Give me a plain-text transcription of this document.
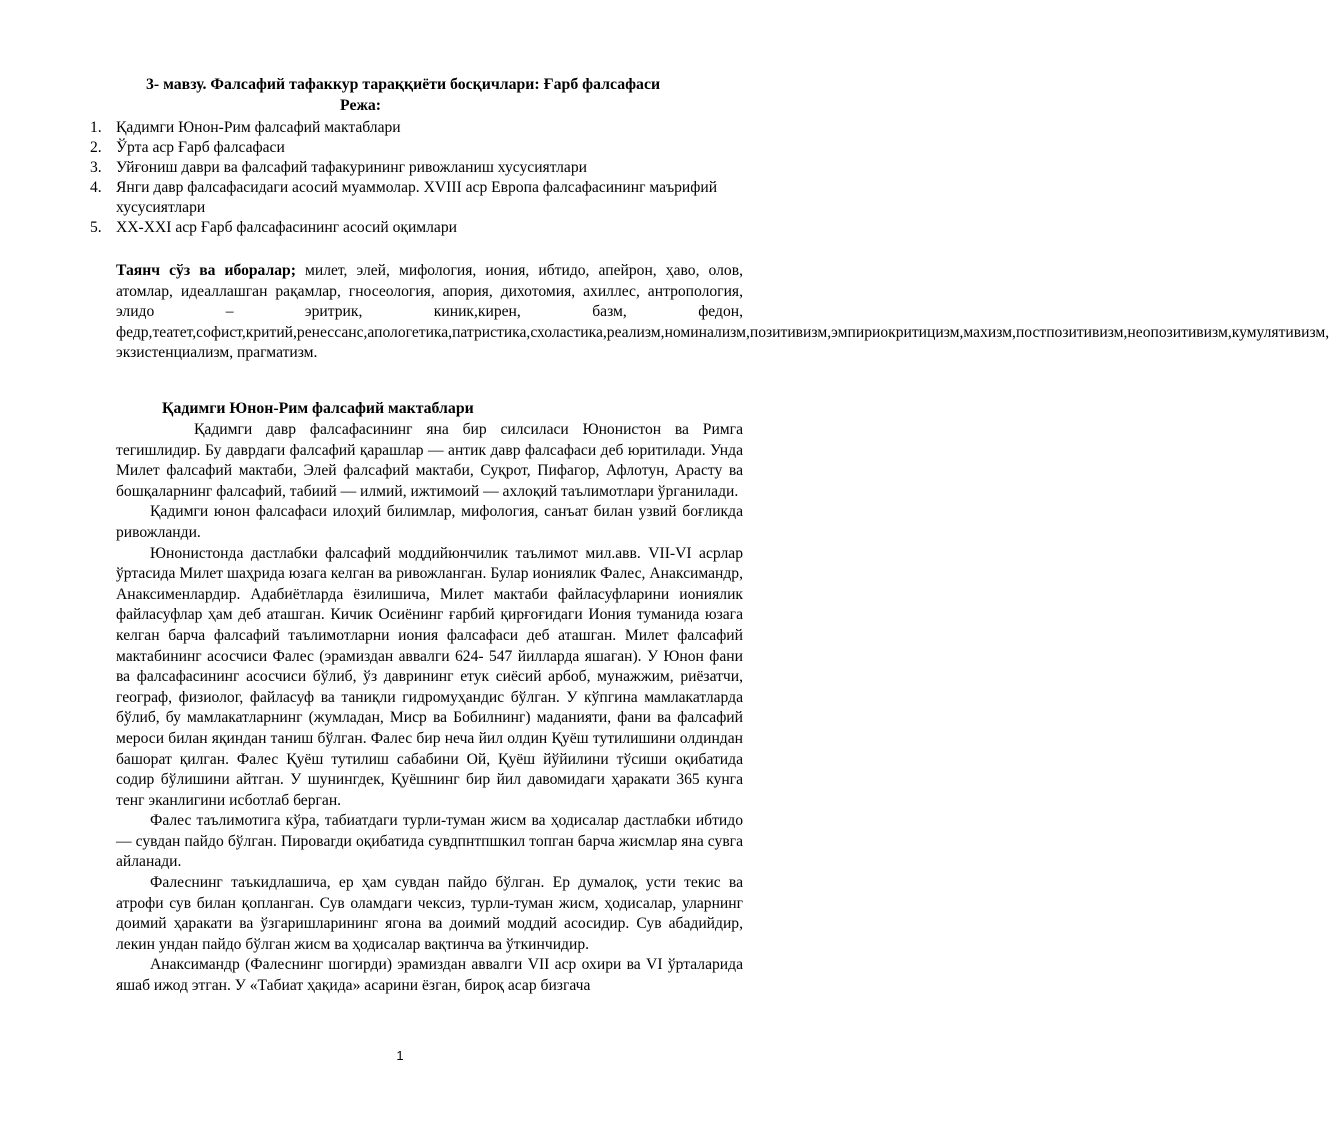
3- мавзу. Фалсафий тафаккур тараққиёти босқичлари: Ғарб фалсафаси
Режа:
1. Қадимги Юнон-Рим фалсафий мактаблари
2. Ўрта аср Ғарб фалсафаси
3. Уйғониш даври ва фалсафий тафакурининг ривожланиш хусусиятлари
4. Янги давр фалсафасидаги асосий муаммолар. XVIII аср Европа фалсафасининг маърифий хусусиятлари
5. XX-XXI аср Ғарб фалсафасининг асосий оқимлари
Таянч сўз ва иборалар; милет, элей, мифология, иония, ибтидо, апейрон, ҳаво, олов, атомлар, идеаллашган рақамлар, гносеология, апория, дихотомия, ахиллес, антропология, элидо – эритрик, киник,кирен, базм, федон, федр,театет,софист,критий,ренессанс,апологетика,патристика,схоластика,реализм,номинализм,позитивизм,эмпириокритицизм,махизм,постпозитивизм,неопозитивизм,кумулятивизм, экзистенциализм, прагматизм.
Қадимги Юнон-Рим фалсафий мактаблари

Қадимги давр фалсафасининг яна бир силсиласи Юнонистон ва Римга тегишлидир. Бу даврдаги фалсафий қарашлар — антик давр фалсафаси деб юритилади. Унда Милет фалсафий мактаби, Элей фалсафий мактаби, Суқрот, Пифагор, Афлотун, Арасту ва бошқаларнинг фалсафий, табиий — илмий, ижтимоий — аxлоқий таълимотлари ўрганилади.

Қадимги юнон фалсафаси илоҳий билимлар, мифология, санъат билан узвий боғликда ривожланди.

Юнонистонда дастлабки фалсафий моддийюнчилик таълимот мил.авв. VII-VI асрлар ўртасида Милет шаҳрида юзага келган ва ривожланган. Булар иониялик Фалес, Анаксимандр, Анаксименлардир. Адабиётларда ёзилишича, Милет мактаби файласуфларини иониялик файласуфлар ҳам деб аташган. Кичик Осиёнинг ғарбий қирғоғидаги Иония туманида юзага келган барча фалсафий таълимотларни иония фалсафаси деб аташган. Милет фалсафий мактабининг асосчиси Фалес (эрамиздан аввалги 624- 547 йилларда яшаган). У Юнон фани ва фалсафасининг асосчиси бўлиб, ўз даврининг етук сиёсий арбоб, мунажжим, риёзатчи, географ, физиолог, файласуф ва таниқли гидромуҳандис бўлган. У кўпгина мамлакатларда бўлиб, бу мамлакатларнинг (жумладан, Миср ва Бобилнинг) маданияти, фани ва фалсафий мероси билан яқиндан таниш бўлган. Фалес бир неча йил олдин Қуёш тутилишини олдиндан башорат қилган. Фалес Қуёш тутилиш сабабини Ой, Қуёш йўйилини тўсиши оқибатида содир бўлишини айтган. У шунингдек, Қуёшнинг бир йил давомидаги ҳаракати 365 кунга тенг эканлигини исботлаб берган.

Фалес таълимотига кўра, табиатдаги турли-туман жисм ва ҳодисалар дастлабки ибтидо — сувдан пайдо бўлган. Пировarди оқибатида сувдпнтпшкил топган барча жисмлар яна сувга айланади.

Фалеснинг таъкидлашича, ер ҳам сувдан пайдо бўлган. Ер думалоқ, усти текис ва атрофи сув билан қопланган. Сув оламдаги чексиз, турли-туман жисм, ҳодисалар, уларнинг доимий ҳаракати ва ўзгаришларининг ягона ва доимий моддий асосидир. Сув абадийдир, лекин ундан пайдо бўлган жисм ва ҳодисалар вақтинча ва ўткинчидир.

Анаксимандр (Фалеснинг шогирди) эрамиздан аввалги VII аср охири ва VI ўрталарида яшаб ижод этган. У «Табиат ҳақида» асарини ёзган, бироқ асар бизгача

1
